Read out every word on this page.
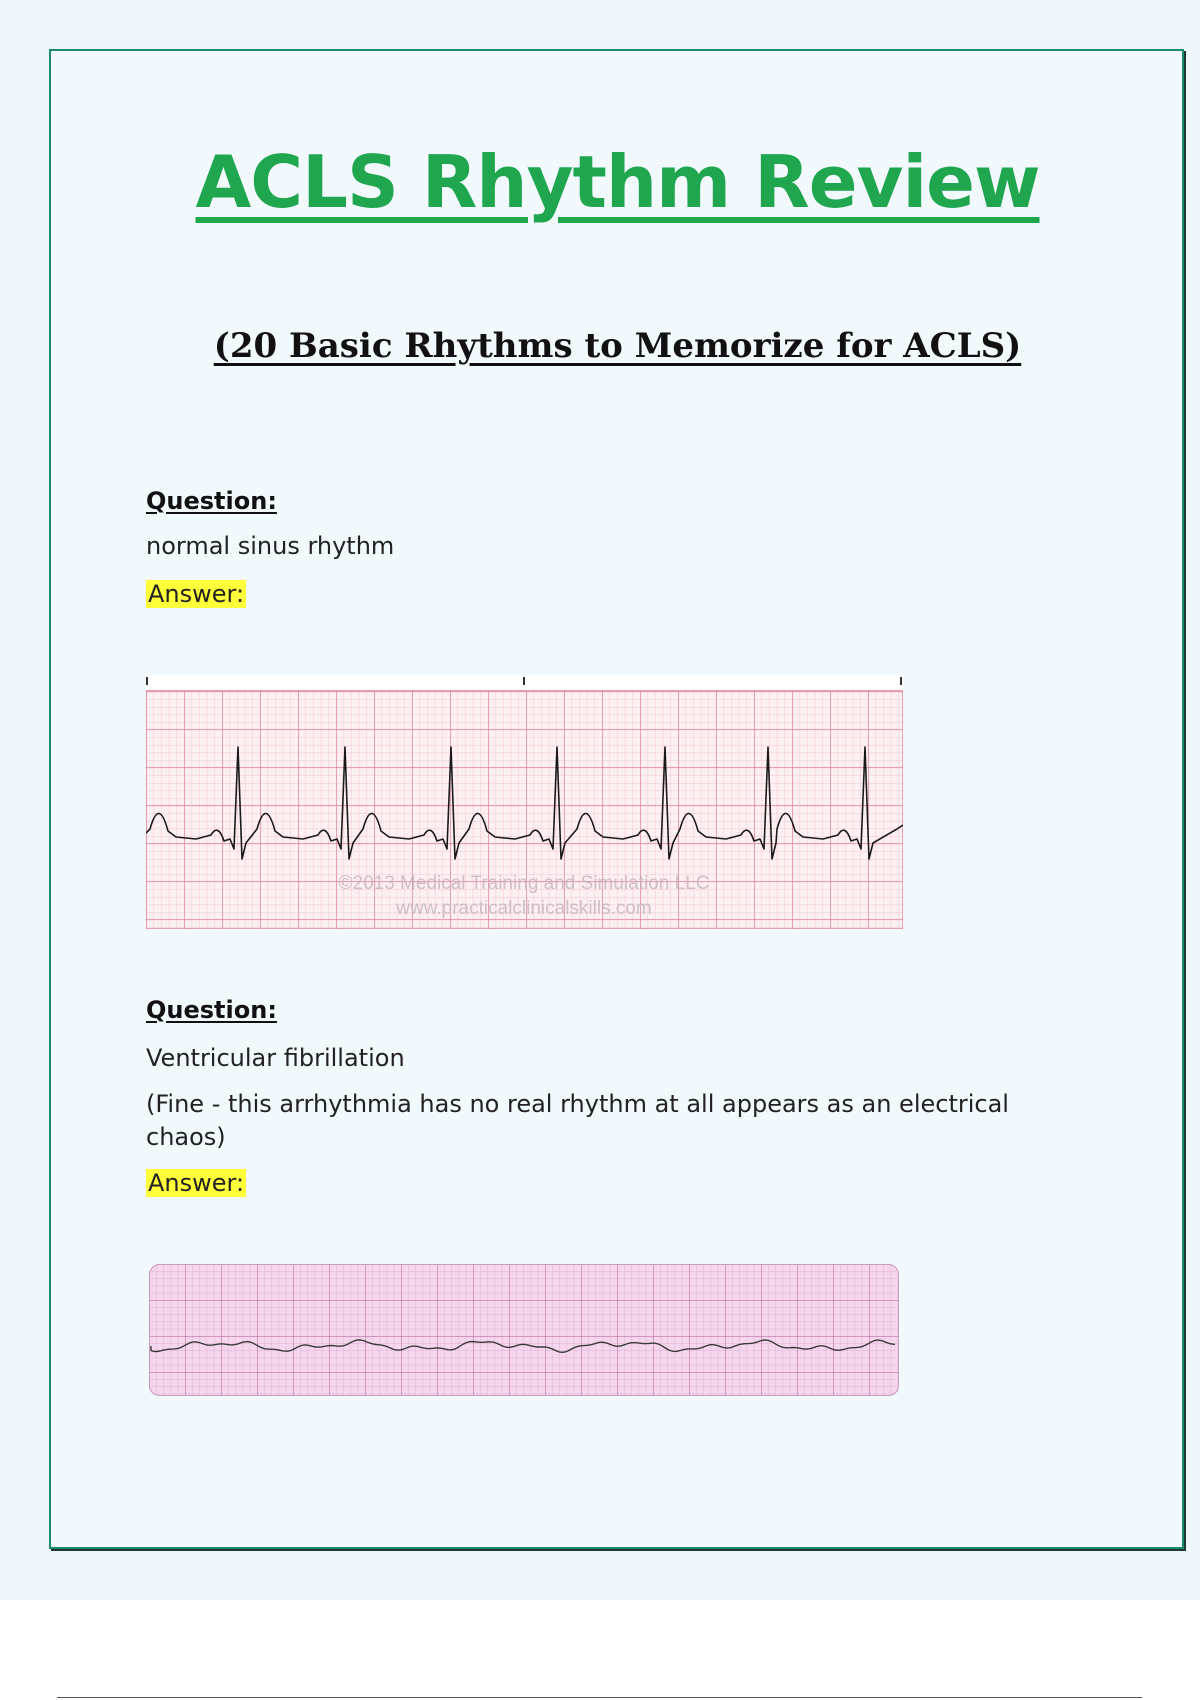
ACLS Rhythm Review
(20 Basic Rhythms to Memorize for ACLS)
Question:
normal sinus rhythm
Answer:
©2013 Medical Training and Simulation LLC
www.practicalclinicalskills.com
Question:
Ventricular fibrillation
(Fine - this arrhythmia has no real rhythm at all appears as an electrical chaos)
Answer:
